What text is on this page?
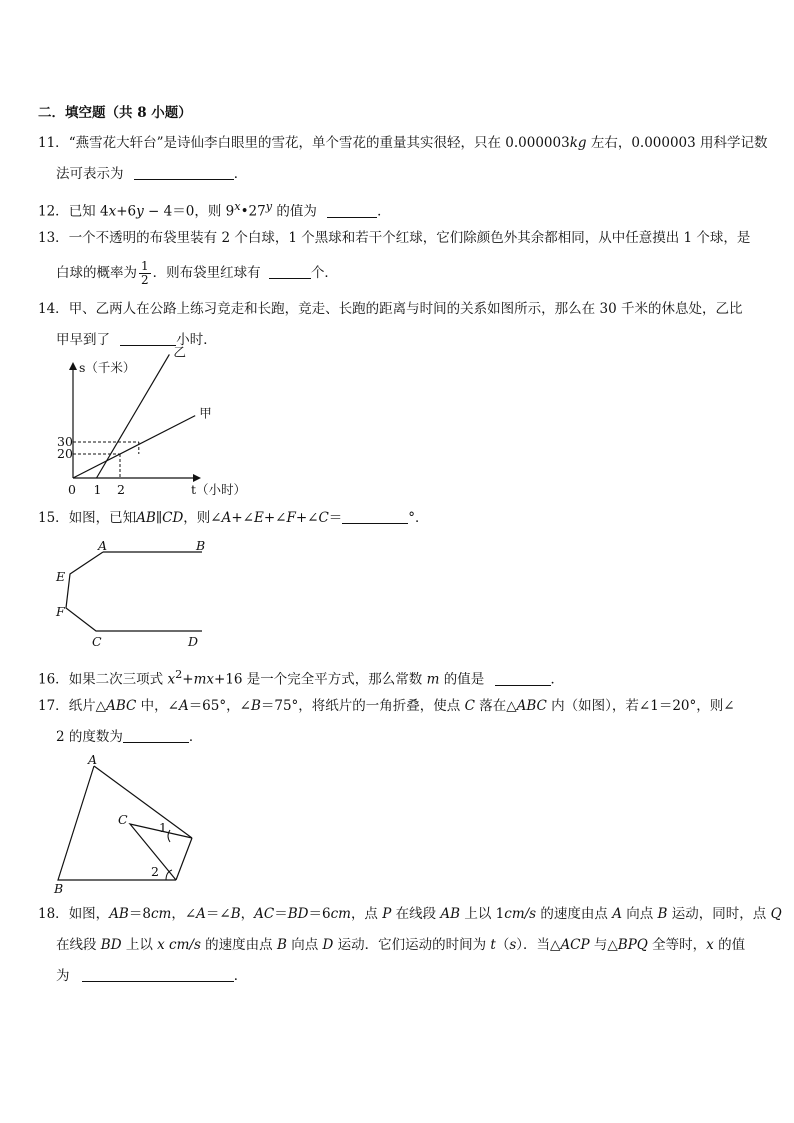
二．填空题（共 8 小题）
11．“燕雪花大轩台”是诗仙李白眼里的雪花，单个雪花的重量其实很轻，只在 0.000003kg 左右，0.000003 用科学记数
法可表示为	．
12．已知 4x+6y − 4＝0，则 9$^x$•27$^y$ 的值为	．
13．一个不透明的布袋里装有 2 个白球，1 个黑球和若干个红球，它们除颜色外其余都相同，从中任意摸出 1 个球，是
白球的概率为 $\frac{1}{2}$ ．则布袋里红球有	个．
14．甲、乙两人在公路上练习竞走和长跑，竞走、长跑的距离与时间的关系如图所示，那么在 30 千米的休息处，乙比
甲早到了	小时．
s（千米）
t（小时）
0
20
30
1 2
甲
乙
15．如图，已知AB∥CD，则∠A+∠E+∠F+∠C＝	°．
A	B
E
F
C	D
16．如果二次三项式 $x^2+mx+16$ 是一个完全平方式，那么常数 m 的值是	．
17．纸片△ABC 中，∠A＝65°，∠B＝75°，将纸片的一角折叠，使点 C 落在△ABC 内（如图），若∠1＝20°，则∠
2 的度数为	．
A
B
C
1
2
18．如图，AB＝8cm，∠A＝∠B，AC＝BD＝6cm，点 P 在线段 AB 上以 1cm/s 的速度由点 A 向点 B 运动，同时，点 Q
在线段 BD 上以 x cm/s 的速度由点 B 向点 D 运动．它们运动的时间为 t（s）．当△ACP 与△BPQ 全等时，x 的值
为	．
